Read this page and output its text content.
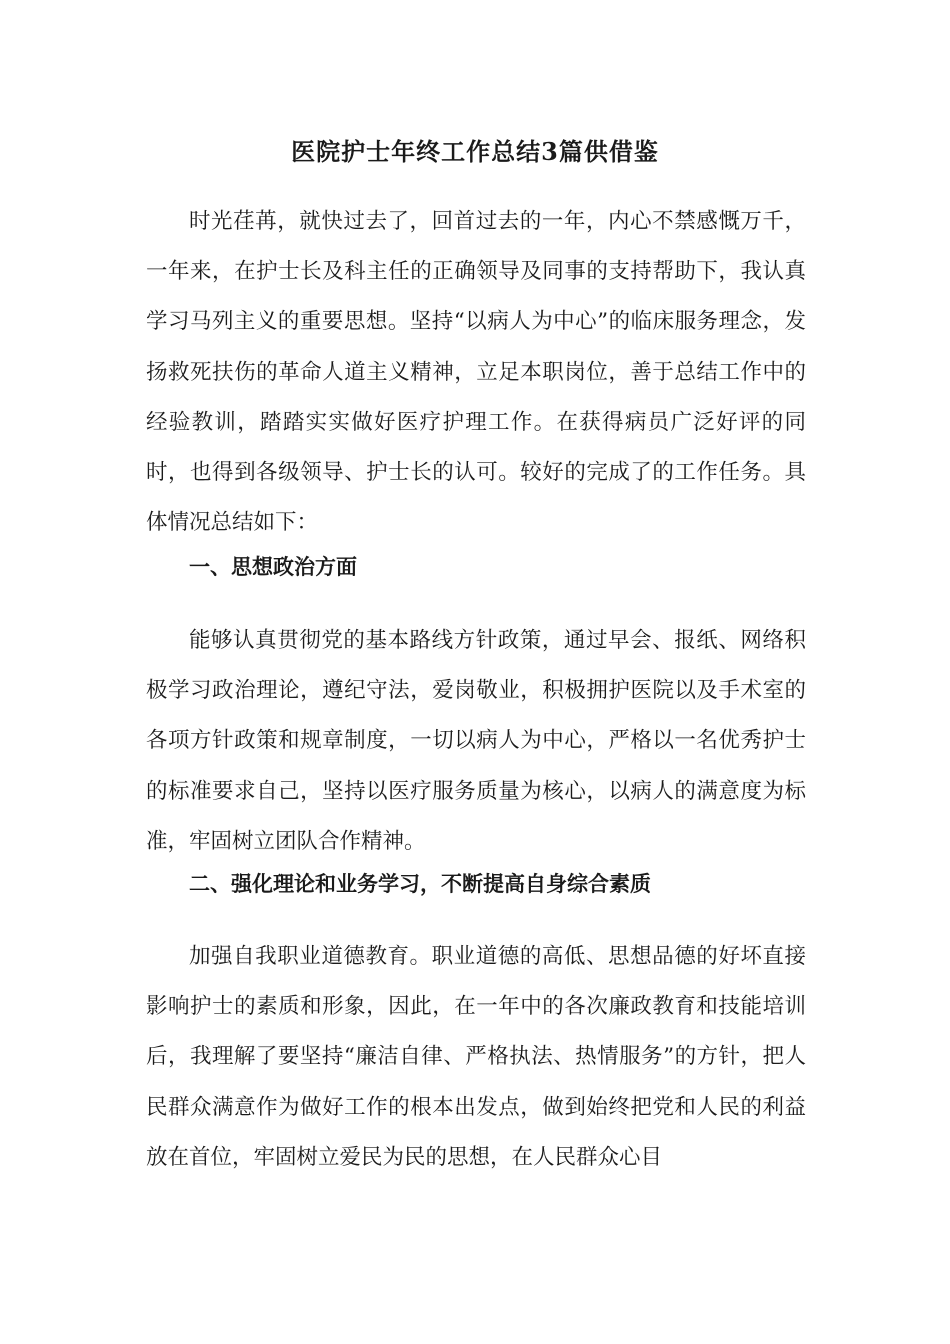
医院护士年终工作总结3篇供借鉴

时光荏苒，就快过去了，回首过去的一年，内心不禁感慨万千，一年来，在护士长及科主任的正确领导及同事的支持帮助下，我认真学习马列主义的重要思想。坚持“以病人为中心”的临床服务理念，发扬救死扶伤的革命人道主义精神，立足本职岗位，善于总结工作中的经验教训，踏踏实实做好医疗护理工作。在获得病员广泛好评的同时，也得到各级领导、护士长的认可。较好的完成了的工作任务。具体情况总结如下：

一、思想政治方面

能够认真贯彻党的基本路线方针政策，通过早会、报纸、网络积极学习政治理论，遵纪守法，爱岗敬业，积极拥护医院以及手术室的各项方针政策和规章制度，一切以病人为中心，严格以一名优秀护士的标准要求自己，坚持以医疗服务质量为核心，以病人的满意度为标准，牢固树立团队合作精神。

二、强化理论和业务学习，不断提高自身综合素质

加强自我职业道德教育。职业道德的高低、思想品德的好坏直接影响护士的素质和形象，因此，在一年中的各次廉政教育和技能培训后，我理解了要坚持“廉洁自律、严格执法、热情服务”的方针，把人民群众满意作为做好工作的根本出发点，做到始终把党和人民的利益放在首位，牢固树立爱民为民的思想，在人民群众心目
